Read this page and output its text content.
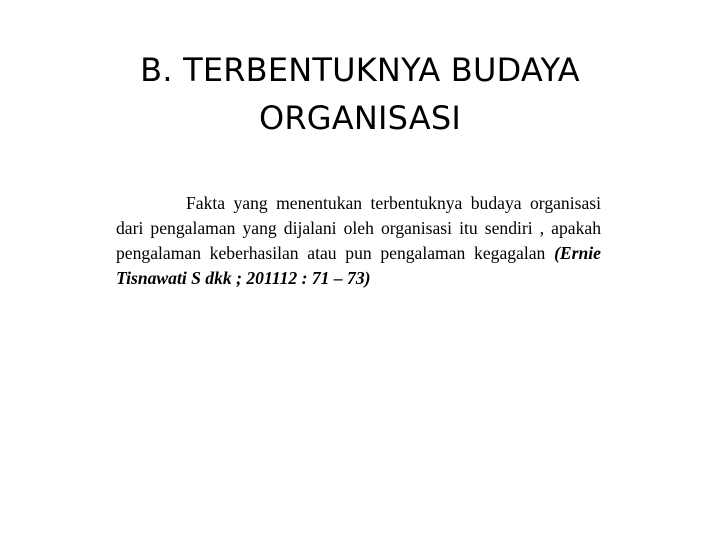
B. TERBENTUKNYA BUDAYA ORGANISASI
Fakta yang menentukan terbentuknya budaya organisasi dari pengalaman yang dijalani oleh organisasi itu sendiri , apakah pengalaman keberhasilan atau pun pengalaman kegagalan (Ernie Tisnawati S dkk ; 201112 : 71 – 73)
